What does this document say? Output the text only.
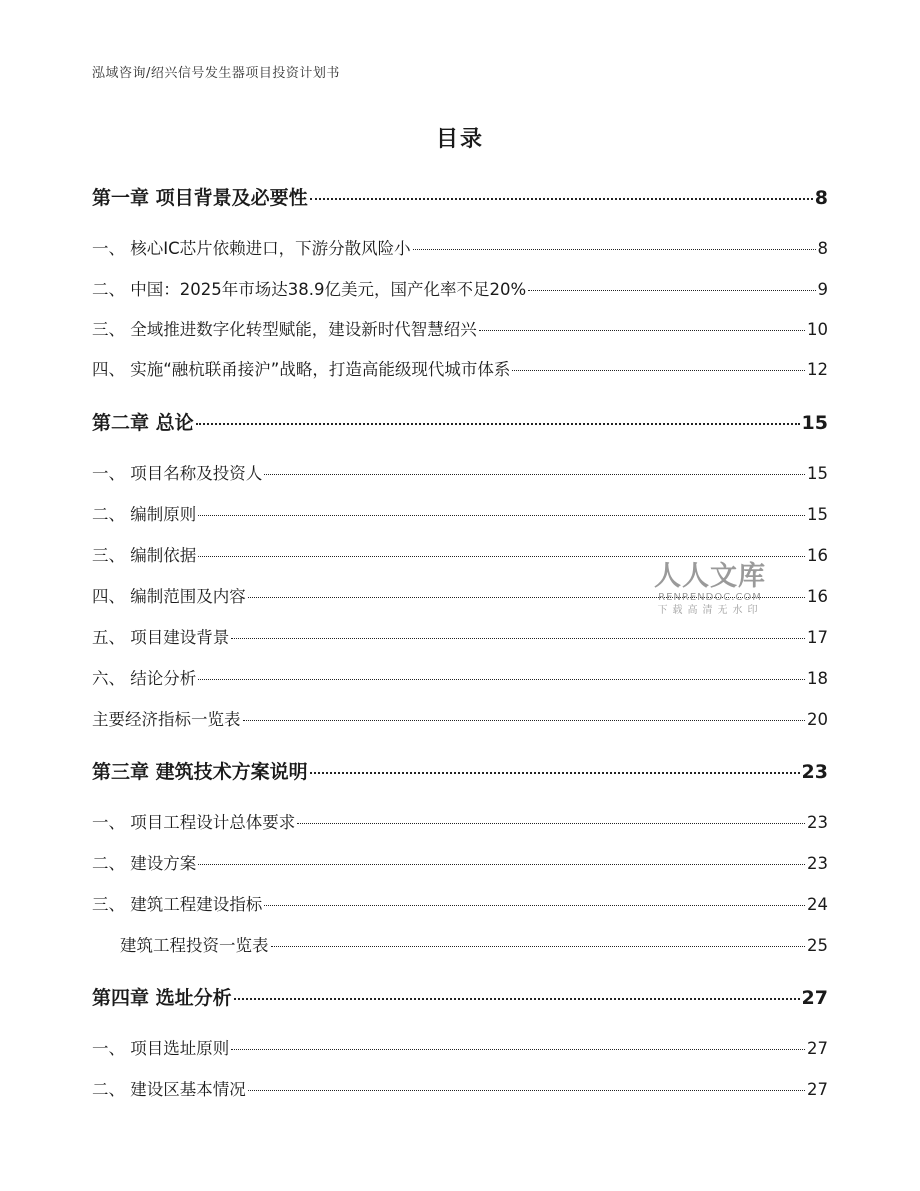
泓域咨询/绍兴信号发生器项目投资计划书
目录
第一章 项目背景及必要性	8
一、 核心IC芯片依赖进口，下游分散风险小	8
二、 中国：2025年市场达38.9亿美元，国产化率不足20%	9
三、 全域推进数字化转型赋能，建设新时代智慧绍兴	10
四、 实施“融杭联甬接沪”战略，打造高能级现代城市体系	12
第二章 总论	15
一、 项目名称及投资人	15
二、 编制原则	15
三、 编制依据	16
四、 编制范围及内容	16
五、 项目建设背景	17
六、 结论分析	18
主要经济指标一览表	20
第三章 建筑技术方案说明	23
一、 项目工程设计总体要求	23
二、 建设方案	23
三、 建筑工程建设指标	24
建筑工程投资一览表	25
第四章 选址分析	27
一、 项目选址原则	27
二、 建设区基本情况	27
人人文库
RENRENDOC.COM
下载高清无水印
